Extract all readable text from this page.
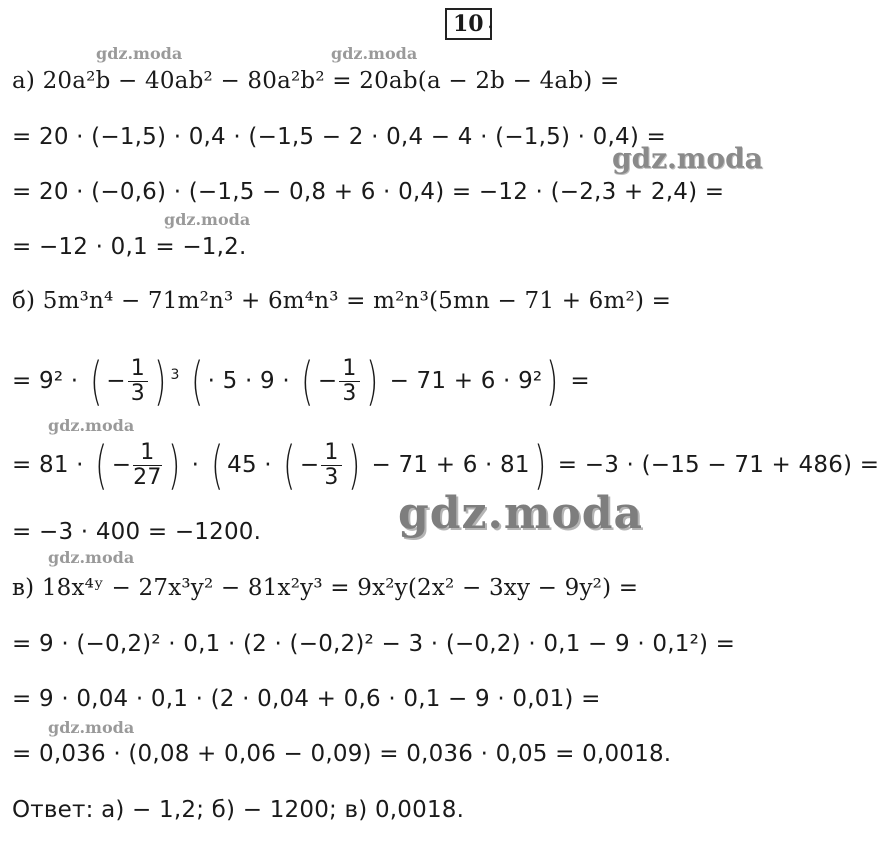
10 .
gdz.moda	gdz.moda
gdz.moda
gdz.moda
gdz.moda
gdz.moda
gdz.moda
gdz.moda
а) 20a²b − 40ab² − 80a²b² = 20ab(a − 2b − 4ab) =
= 20 · (−1,5) · 0,4 · (−1,5 − 2 · 0,4 − 4 · (−1,5) · 0,4) =
= 20 · (−0,6) · (−1,5 − 0,8 + 6 · 0,4) = −12 · (−2,3 + 2,4) =
= −12 · 0,1 = −1,2.
б) 5m³n⁴ − 71m²n³ + 6m⁴n³ = m²n³(5mn − 71 + 6m²) =
= 9² · ( − $\frac{1}{3}$ ) $^3$ ( · 5 · 9 · ( − $\frac{1}{3}$ ) − 71 + 6 · 9²) =
= 81 · ( − $\frac{1}{27}$ ) · ( 45 · ( − $\frac{1}{3}$ ) − 71 + 6 · 81) = −3 · (−15 − 71 + 486) =
= −3 · 400 = −1200.
в) 18x⁴ʸ − 27x³y² − 81x²y³ = 9x²y(2x² − 3xy − 9y²) =
= 9 · (−0,2)² · 0,1 · (2 · (−0,2)² − 3 · (−0,2) · 0,1 − 9 · 0,1²) =
= 9 · 0,04 · 0,1 · (2 · 0,04 + 0,6 · 0,1 − 9 · 0,01) =
= 0,036 · (0,08 + 0,06 − 0,09) = 0,036 · 0,05 = 0,0018.
Ответ: а) − 1,2; б) − 1200; в) 0,0018.
